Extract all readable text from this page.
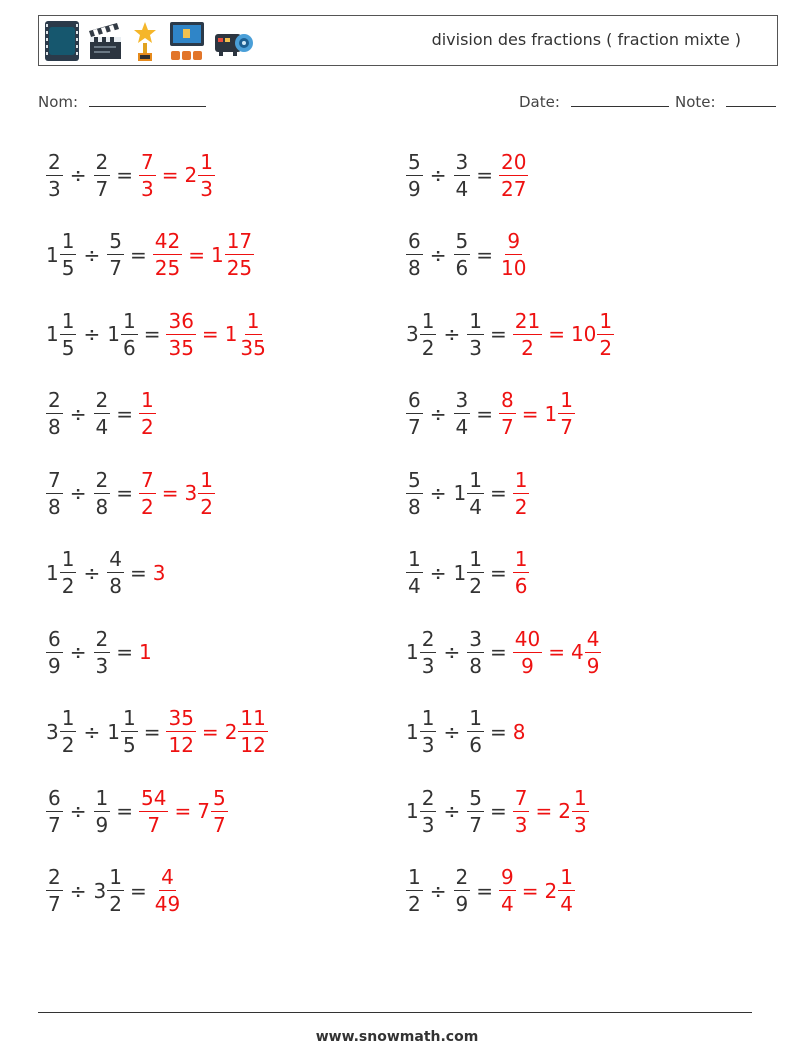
division des fractions ( fraction mixte )
Nom:	Date:	Note:
$\frac{2}{3} \div \frac{2}{7} = \frac{7}{3} = 2 \frac{1}{3}$	$\frac{5}{9} \div \frac{3}{4} = \frac{20}{27}$
$1 \frac{1}{5} \div \frac{5}{7} = \frac{42}{25} = 1 \frac{17}{25}$	$\frac{6}{8} \div \frac{5}{6} = \frac{9}{10}$
$1 \frac{1}{5} \div 1 \frac{1}{6} = \frac{36}{35} = 1 \frac{1}{35}$	$3 \frac{1}{2} \div \frac{1}{3} = \frac{21}{2} = 10 \frac{1}{2}$
$\frac{2}{8} \div \frac{2}{4} = \frac{1}{2}$	$\frac{6}{7} \div \frac{3}{4} = \frac{8}{7} = 1 \frac{1}{7}$
$\frac{7}{8} \div \frac{2}{8} = \frac{7}{2} = 3 \frac{1}{2}$	$\frac{5}{8} \div 1 \frac{1}{4} = \frac{1}{2}$
$1 \frac{1}{2} \div \frac{4}{8} = 3$	$\frac{1}{4} \div 1 \frac{1}{2} = \frac{1}{6}$
$\frac{6}{9} \div \frac{2}{3} = 1$	$1 \frac{2}{3} \div \frac{3}{8} = \frac{40}{9} = 4 \frac{4}{9}$
$3 \frac{1}{2} \div 1 \frac{1}{5} = \frac{35}{12} = 2 \frac{11}{12}$	$1 \frac{1}{3} \div \frac{1}{6} = 8$
$\frac{6}{7} \div \frac{1}{9} = \frac{54}{7} = 7 \frac{5}{7}$	$1 \frac{2}{3} \div \frac{5}{7} = \frac{7}{3} = 2 \frac{1}{3}$
$\frac{2}{7} \div 3 \frac{1}{2} = \frac{4}{49}$	$\frac{1}{2} \div \frac{2}{9} = \frac{9}{4} = 2 \frac{1}{4}$
www.snowmath.com
